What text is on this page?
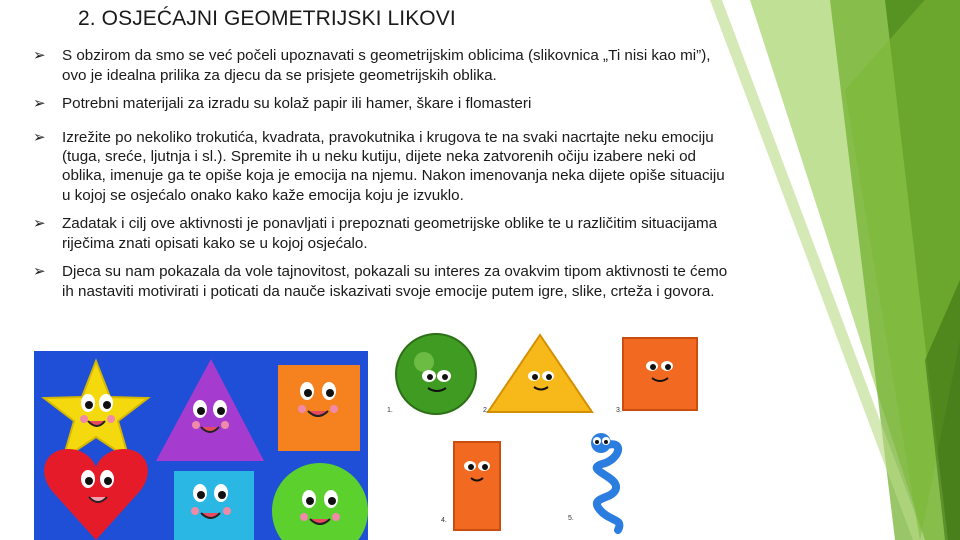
2. OSJEĆAJNI GEOMETRIJSKI LIKOVI
➢ S obzirom da smo se već počeli upoznavati s geometrijskim oblicima (slikovnica „Ti nisi kao mi”), ovo je idealna prilika za djecu da se prisjete geometrijskih oblika.
➢ Potrebni materijali za izradu su kolaž papir ili hamer, škare i flomasteri
➢ Izrežite po nekoliko trokutića, kvadrata, pravokutnika i krugova te na svaki nacrtajte neku emociju (tuga, sreće, ljutnja i sl.). Spremite ih u neku kutiju, dijete neka zatvorenih očiju izabere neki od oblika, imenuje ga te opiše koja je emocija na njemu. Nakon imenovanja neka dijete opiše situaciju u kojoj se osjećalo onako kako kaže emocija koju je izvuklo.
➢ Zadatak i cilj ove aktivnosti je ponavljati i prepoznati geometrijske oblike te u različitim situacijama riječima znati opisati kako se u kojoj osjećalo.
➢ Djeca su nam pokazala da vole tajnovitost, pokazali su interes za ovakvim tipom aktivnosti te ćemo ih nastaviti motivirati i poticati da nauče iskazivati svoje emocije putem igre, slike, crteža i govora.
1.	2.	3.
4.	5.
